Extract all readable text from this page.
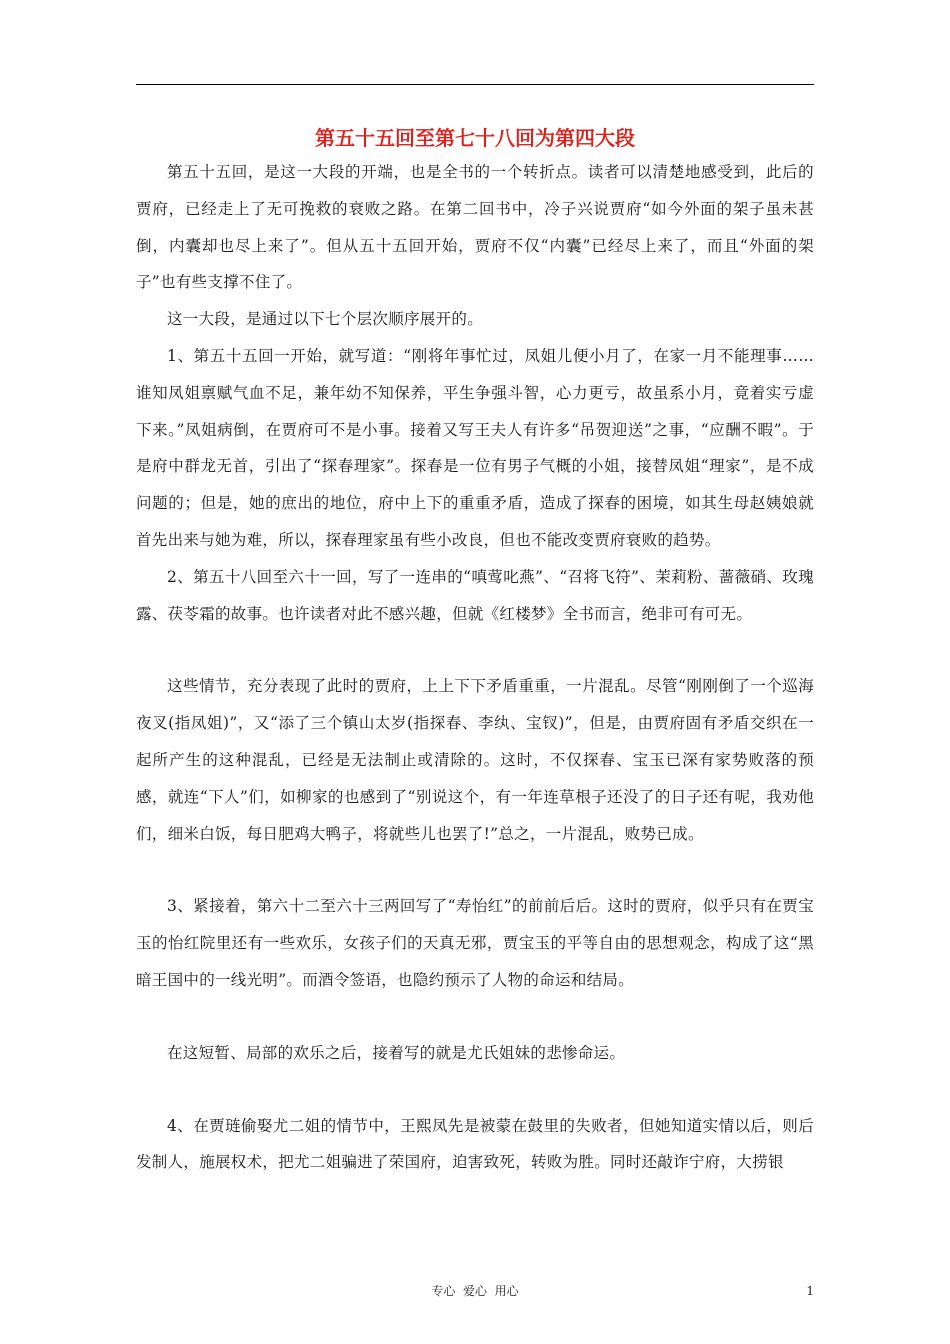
第五十五回至第七十八回为第四大段

第五十五回，是这一大段的开端，也是全书的一个转折点。读者可以清楚地感受到，此后的贾府，已经走上了无可挽救的衰败之路。在第二回书中，冷子兴说贾府“如今外面的架子虽未甚倒，内囊却也尽上来了”。但从五十五回开始，贾府不仅“内囊”已经尽上来了，而且“外面的架子”也有些支撑不住了。

这一大段，是通过以下七个层次顺序展开的。

1、第五十五回一开始，就写道：“刚将年事忙过，凤姐儿便小月了，在家一月不能理事……谁知凤姐禀赋气血不足，兼年幼不知保养，平生争强斗智，心力更亏，故虽系小月，竟着实亏虚下来。”凤姐病倒，在贾府可不是小事。接着又写王夫人有许多“吊贺迎送”之事，“应酬不暇”。于是府中群龙无首，引出了“探春理家”。探春是一位有男子气概的小姐，接替凤姐“理家”，是不成问题的；但是，她的庶出的地位，府中上下的重重矛盾，造成了探春的困境，如其生母赵姨娘就首先出来与她为难，所以，探春理家虽有些小改良，但也不能改变贾府衰败的趋势。

2、第五十八回至六十一回，写了一连串的“嗔莺叱燕”、“召将飞符”、茉莉粉、蔷薇硝、玫瑰露、茯苓霜的故事。也许读者对此不感兴趣，但就《红楼梦》全书而言，绝非可有可无。

这些情节，充分表现了此时的贾府，上上下下矛盾重重，一片混乱。尽管“刚刚倒了一个巡海夜叉(指凤姐)”，又“添了三个镇山太岁(指探春、李纨、宝钗)”，但是，由贾府固有矛盾交织在一起所产生的这种混乱，已经是无法制止或清除的。这时，不仅探春、宝玉已深有家势败落的预感，就连“下人”们，如柳家的也感到了“别说这个，有一年连草根子还没了的日子还有呢，我劝他们，细米白饭，每日肥鸡大鸭子，将就些儿也罢了!”总之，一片混乱，败势已成。

3、紧接着，第六十二至六十三两回写了“寿怡红”的前前后后。这时的贾府，似乎只有在贾宝玉的怡红院里还有一些欢乐，女孩子们的天真无邪，贾宝玉的平等自由的思想观念，构成了这“黑暗王国中的一线光明”。而酒令签语，也隐约预示了人物的命运和结局。

在这短暂、局部的欢乐之后，接着写的就是尤氏姐妹的悲惨命运。

4、在贾琏偷娶尤二姐的情节中，王熙凤先是被蒙在鼓里的失败者，但她知道实情以后，则后发制人，施展权术，把尤二姐骗进了荣国府，迫害致死，转败为胜。同时还敲诈宁府，大捞银

专心  爱心  用心	1
